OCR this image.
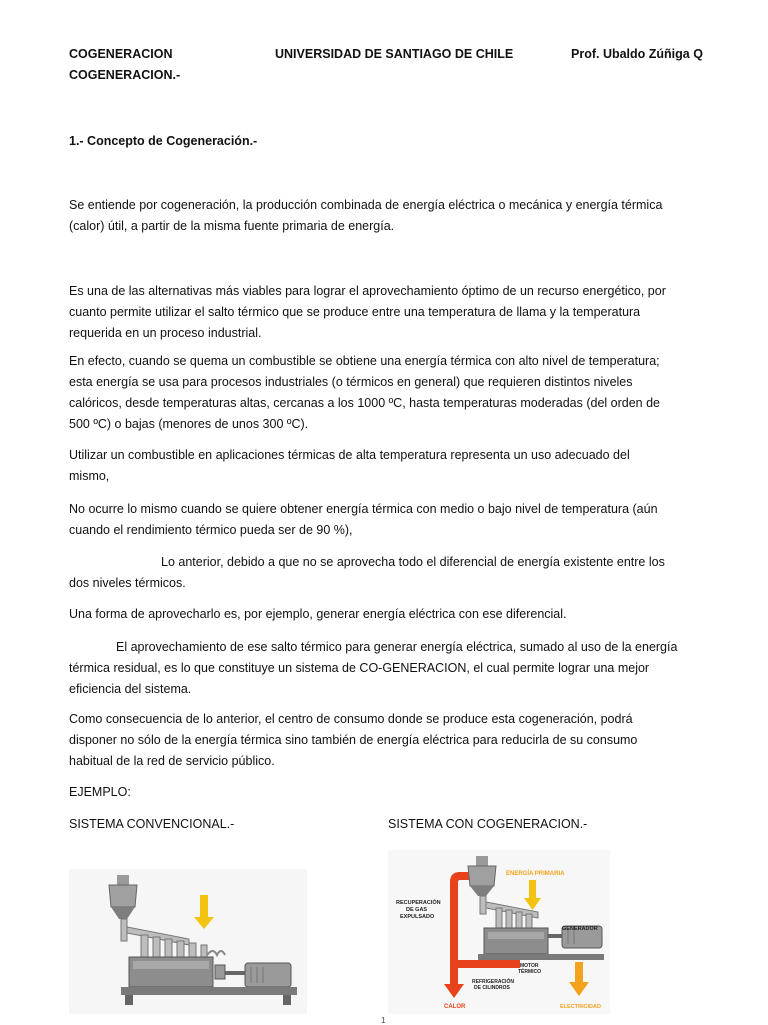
COGENERACION	UNIVERSIDAD DE SANTIAGO DE CHILE	Prof. Ubaldo Zúñiga Q
COGENERACION.-
1.- Concepto de Cogeneración.-
Se entiende por cogeneración, la producción combinada de energía eléctrica o mecánica y energía térmica
(calor) útil, a partir de la misma fuente primaria de energía.
Es una de las alternativas más viables para lograr el aprovechamiento óptimo de un recurso energético, por
cuanto permite utilizar el salto térmico que se produce entre una temperatura de llama y la temperatura
requerida en un proceso industrial.
En efecto, cuando se quema un combustible se obtiene una energía térmica con alto nivel de temperatura;
esta energía se usa para procesos industriales (o térmicos en general) que requieren distintos niveles
calóricos, desde temperaturas altas, cercanas a los 1000 ºC, hasta temperaturas moderadas (del orden de
500 ºC) o bajas (menores de unos 300 ºC).
Utilizar un combustible en aplicaciones térmicas de alta temperatura representa un uso adecuado del
mismo,
No ocurre lo mismo cuando se quiere obtener energía térmica con medio o bajo nivel de temperatura (aún
cuando el rendimiento térmico pueda ser de 90 %),
Lo anterior, debido a que no se aprovecha todo el diferencial de energía existente entre los
dos niveles térmicos.
Una forma de aprovecharlo es, por ejemplo, generar energía eléctrica con ese diferencial.
El aprovechamiento de ese salto térmico para generar energía eléctrica, sumado al uso de la energía
térmica residual, es lo que constituye un sistema de CO-GENERACION, el cual permite lograr una mejor
eficiencia del sistema.
Como consecuencia de lo anterior, el centro de consumo donde se produce esta cogeneración, podrá
disponer no sólo de la energía térmica sino también de energía eléctrica para reducirla de su consumo
habitual de la red de servicio público.
EJEMPLO:
SISTEMA CONVENCIONAL.-	SISTEMA CON COGENERACION.-
ENERGÍA PRIMARIA
RECUPERACIÓN
DE GAS
EXPULSADO
GENERADOR
MOTOR
TÉRMICO
REFRIGERACIÓN
DE CILINDROS
CALOR	ELECTRICIDAD
1
